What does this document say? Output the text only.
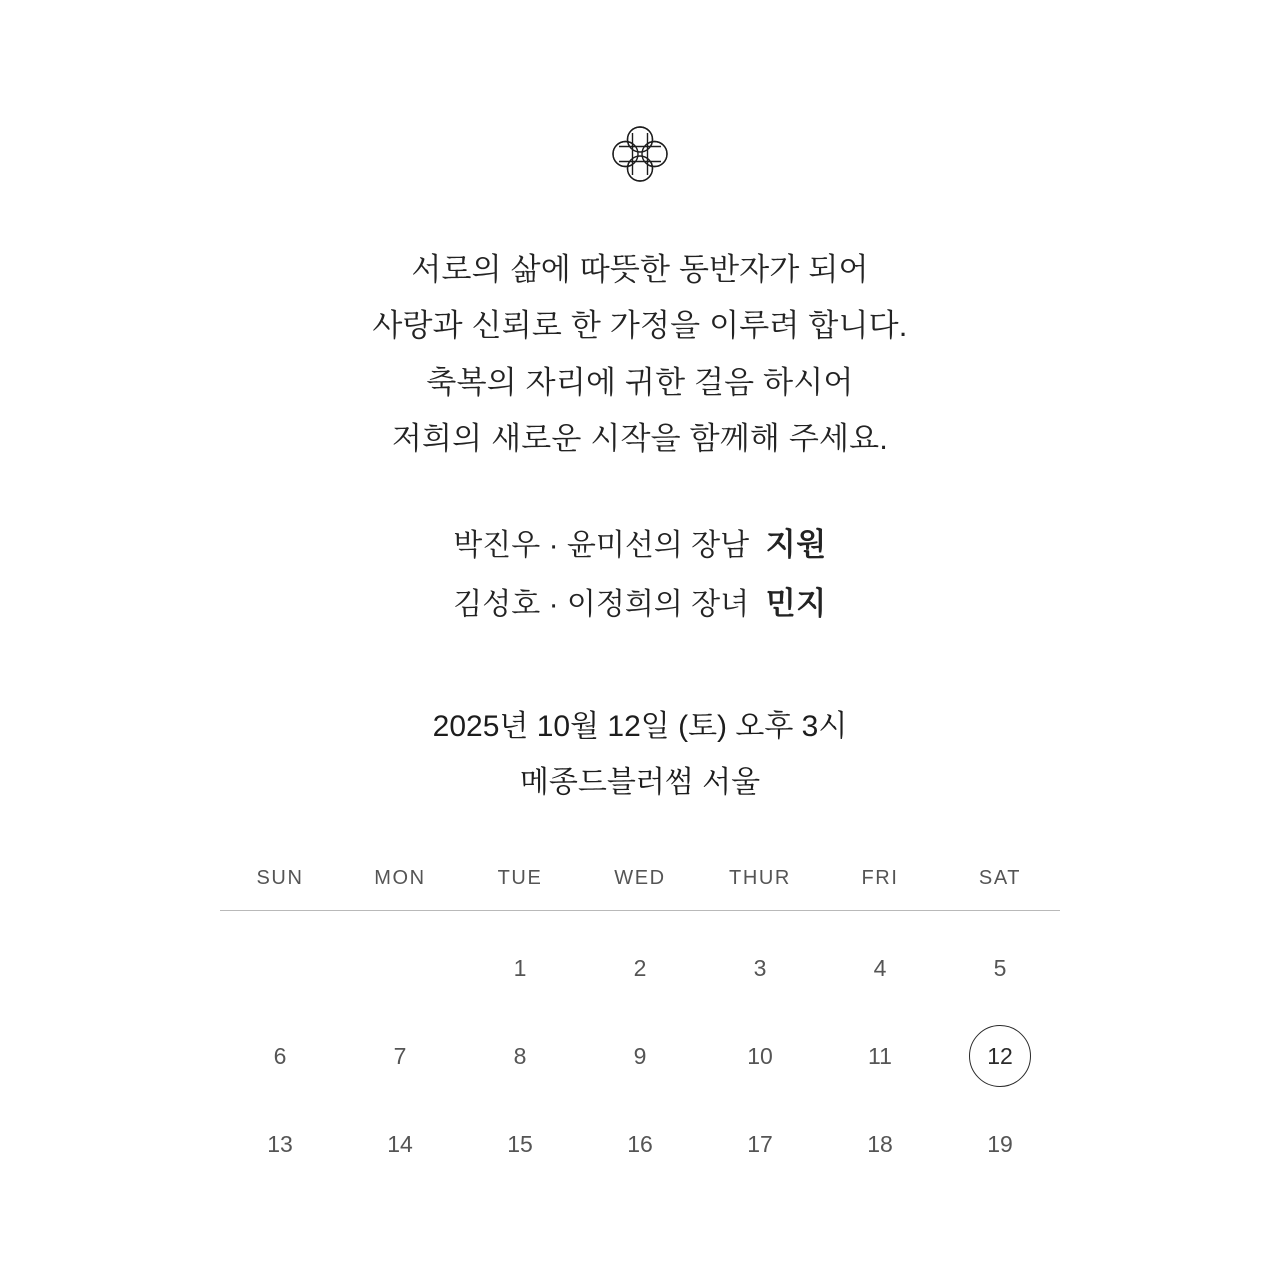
서로의 삶에 따뜻한 동반자가 되어
사랑과 신뢰로 한 가정을 이루려 합니다.
축복의 자리에 귀한 걸음 하시어
저희의 새로운 시작을 함께해 주세요.
박진우 · 윤미선의 장남  지원
김성호 · 이정희의 장녀  민지
2025년 10월 12일 (토) 오후 3시
메종드블러썸 서울
SUN	MON	TUE	WED	THUR	FRI	SAT
		1	2	3	4	5
6	7	8	9	10	11	12
13	14	15	16	17	18	19
